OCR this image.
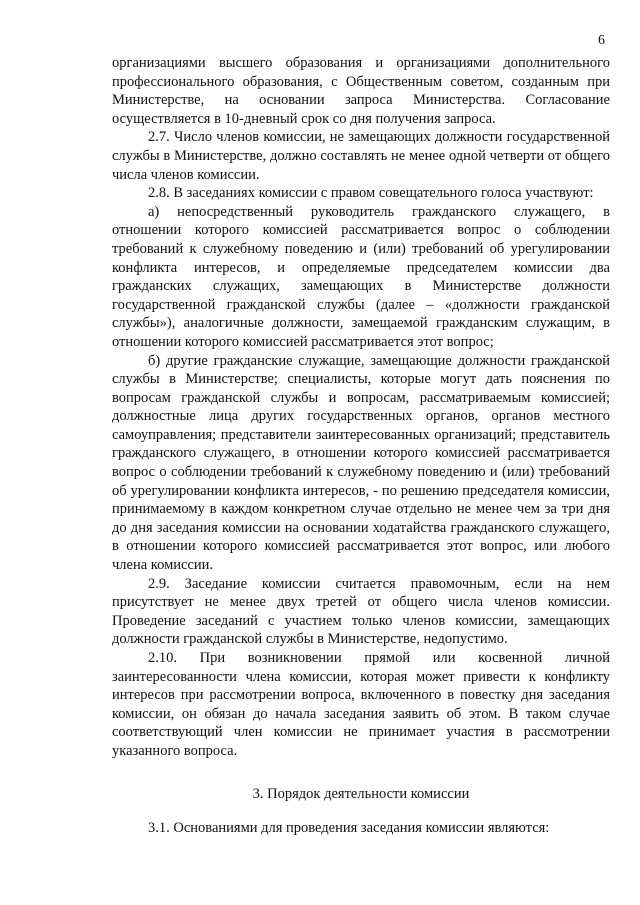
6

организациями высшего образования и организациями дополнительного профессионального образования, с Общественным советом, созданным при Министерстве, на основании запроса Министерства. Согласование осуществляется в 10-дневный срок со дня получения запроса.

2.7. Число членов комиссии, не замещающих должности государственной службы в Министерстве, должно составлять не менее одной четверти от общего числа членов комиссии.

2.8. В заседаниях комиссии с правом совещательного голоса участвуют:

а) непосредственный руководитель гражданского служащего, в отношении которого комиссией рассматривается вопрос о соблюдении требований к служебному поведению и (или) требований об урегулировании конфликта интересов, и определяемые председателем комиссии два гражданских служащих, замещающих в Министерстве должности государственной гражданской службы (далее – «должности гражданской службы»), аналогичные должности, замещаемой гражданским служащим, в отношении которого комиссией рассматривается этот вопрос;

б) другие гражданские служащие, замещающие должности гражданской службы в Министерстве; специалисты, которые могут дать пояснения по вопросам гражданской службы и вопросам, рассматриваемым комиссией; должностные лица других государственных органов, органов местного самоуправления; представители заинтересованных организаций; представитель гражданского служащего, в отношении которого комиссией рассматривается вопрос о соблюдении требований к служебному поведению и (или) требований об урегулировании конфликта интересов, - по решению председателя комиссии, принимаемому в каждом конкретном случае отдельно не менее чем за три дня до дня заседания комиссии на основании ходатайства гражданского служащего, в отношении которого комиссией рассматривается этот вопрос, или любого члена комиссии.

2.9. Заседание комиссии считается правомочным, если на нем присутствует не менее двух третей от общего числа членов комиссии. Проведение заседаний с участием только членов комиссии, замещающих должности гражданской службы в Министерстве, недопустимо.

2.10. При возникновении прямой или косвенной личной заинтересованности члена комиссии, которая может привести к конфликту интересов при рассмотрении вопроса, включенного в повестку дня заседания комиссии, он обязан до начала заседания заявить об этом. В таком случае соответствующий член комиссии не принимает участия в рассмотрении указанного вопроса.

3. Порядок деятельности комиссии

3.1. Основаниями для проведения заседания комиссии являются:
